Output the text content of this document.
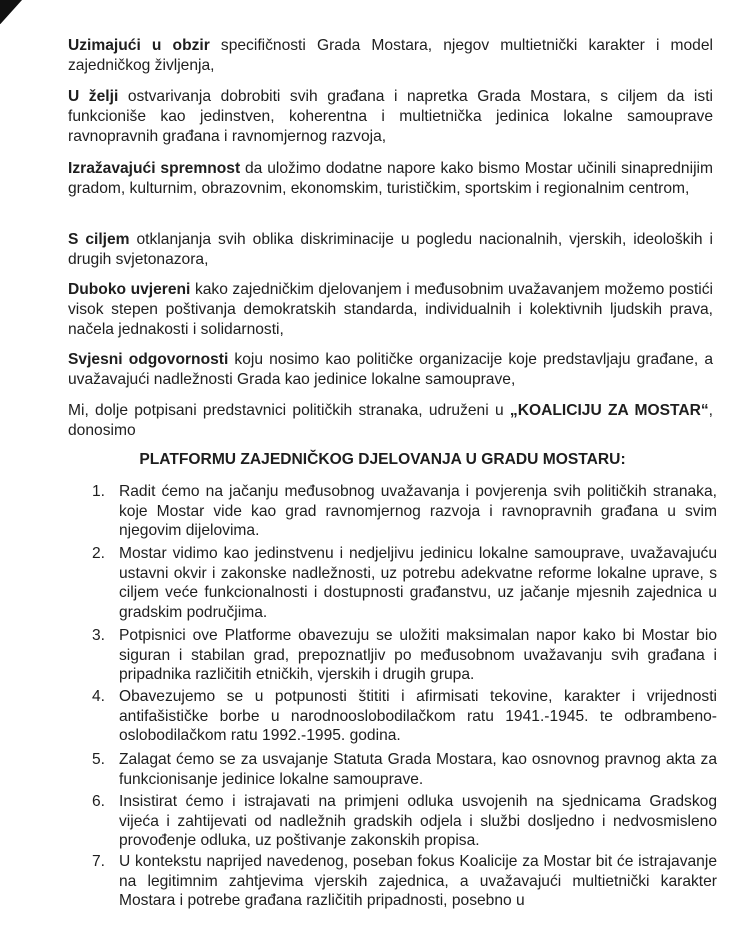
Uzimajući u obzir specifičnosti Grada Mostara, njegov multietnički karakter i model zajedničkog življenja,

U želji ostvarivanja dobrobiti svih građana i napretka Grada Mostara, s ciljem da isti funkcioniše kao jedinstven, koherentna i multietnička jedinica lokalne samouprave ravnopravnih građana i ravnomjernog razvoja,

Izražavajući spremnost da uložimo dodatne napore kako bismo Mostar učinili sinaprednijim gradom, kulturnim, obrazovnim, ekonomskim, turističkim, sportskim i regionalnim centrom,

S ciljem otklanjanja svih oblika diskriminacije u pogledu nacionalnih, vjerskih, ideoloških i drugih svjetonazora,

Duboko uvjereni kako zajedničkim djelovanjem i međusobnim uvažavanjem možemo postići visok stepen poštivanja demokratskih standarda, individualnih i kolektivnih ljudskih prava, načela jednakosti i solidarnosti,

Svjesni odgovornosti koju nosimo kao političke organizacije koje predstavljaju građane, a uvažavajući nadležnosti Grada kao jedinice lokalne samouprave,

Mi, dolje potpisani predstavnici političkih stranaka, udruženi u „KOALICIJU ZA MOSTAR“, donosimo

PLATFORMU ZAJEDNIČKOG DJELOVANJA U GRADU MOSTARU:
1. Radit ćemo na jačanju međusobnog uvažavanja i povjerenja svih političkih stranaka, koje Mostar vide kao grad ravnomjernog razvoja i ravnopravnih građana u svim njegovim dijelovima.
2. Mostar vidimo kao jedinstvenu i nedjeljivu jedinicu lokalne samouprave, uvažavajuću ustavni okvir i zakonske nadležnosti, uz potrebu adekvatne reforme lokalne uprave, s ciljem veće funkcionalnosti i dostupnosti građanstvu, uz jačanje mjesnih zajednica u gradskim područjima.
3. Potpisnici ove Platforme obavezuju se uložiti maksimalan napor kako bi Mostar bio siguran i stabilan grad, prepoznatljiv po međusobnom uvažavanju svih građana i pripadnika različitih etničkih, vjerskih i drugih grupa.
4. Obavezujemo se u potpunosti štititi i afirmisati tekovine, karakter i vrijednosti antifašističke borbe u narodnooslobodilačkom ratu 1941.-1945. te odbrambeno-oslobodilačkom ratu 1992.-1995. godina.
5. Zalagat ćemo se za usvajanje Statuta Grada Mostara, kao osnovnog pravnog akta za funkcionisanje jedinice lokalne samouprave.
6. Insistirat ćemo i istrajavati na primjeni odluka usvojenih na sjednicama Gradskog vijeća i zahtijevati od nadležnih gradskih odjela i službi dosljedno i nedvosmisleno provođenje odluka, uz poštivanje zakonskih propisa.
7. U kontekstu naprijed navedenog, poseban fokus Koalicije za Mostar bit će istrajavanje na legitimnim zahtjevima vjerskih zajednica, a uvažavajući multietnički karakter Mostara i potrebe građana različitih pripadnosti, posebno u
